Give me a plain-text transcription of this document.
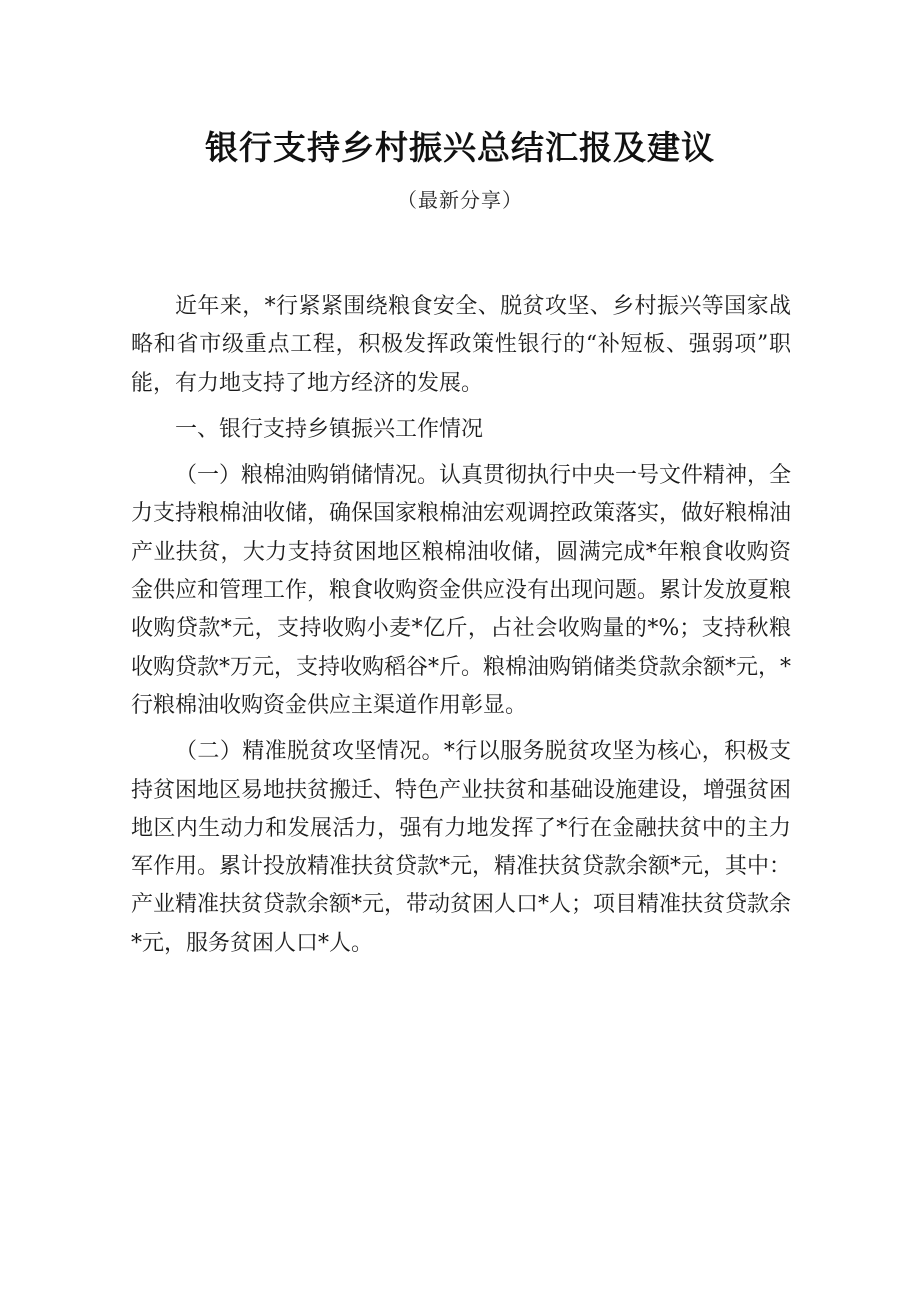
银行支持乡村振兴总结汇报及建议
（最新分享）

近年来，*行紧紧围绕粮食安全、脱贫攻坚、乡村振兴等国家战略和省市级重点工程，积极发挥政策性银行的“补短板、强弱项”职能，有力地支持了地方经济的发展。

一、银行支持乡镇振兴工作情况

（一）粮棉油购销储情况。认真贯彻执行中央一号文件精神，全力支持粮棉油收储，确保国家粮棉油宏观调控政策落实，做好粮棉油产业扶贫，大力支持贫困地区粮棉油收储，圆满完成*年粮食收购资金供应和管理工作，粮食收购资金供应没有出现问题。累计发放夏粮收购贷款*元，支持收购小麦*亿斤，占社会收购量的*%；支持秋粮收购贷款*万元，支持收购稻谷*斤。粮棉油购销储类贷款余额*元，*行粮棉油收购资金供应主渠道作用彰显。

（二）精准脱贫攻坚情况。*行以服务脱贫攻坚为核心，积极支持贫困地区易地扶贫搬迁、特色产业扶贫和基础设施建设，增强贫困地区内生动力和发展活力，强有力地发挥了*行在金融扶贫中的主力军作用。累计投放精准扶贫贷款*元，精准扶贫贷款余额*元，其中：产业精准扶贫贷款余额*元，带动贫困人口*人；项目精准扶贫贷款余*元，服务贫困人口*人。
